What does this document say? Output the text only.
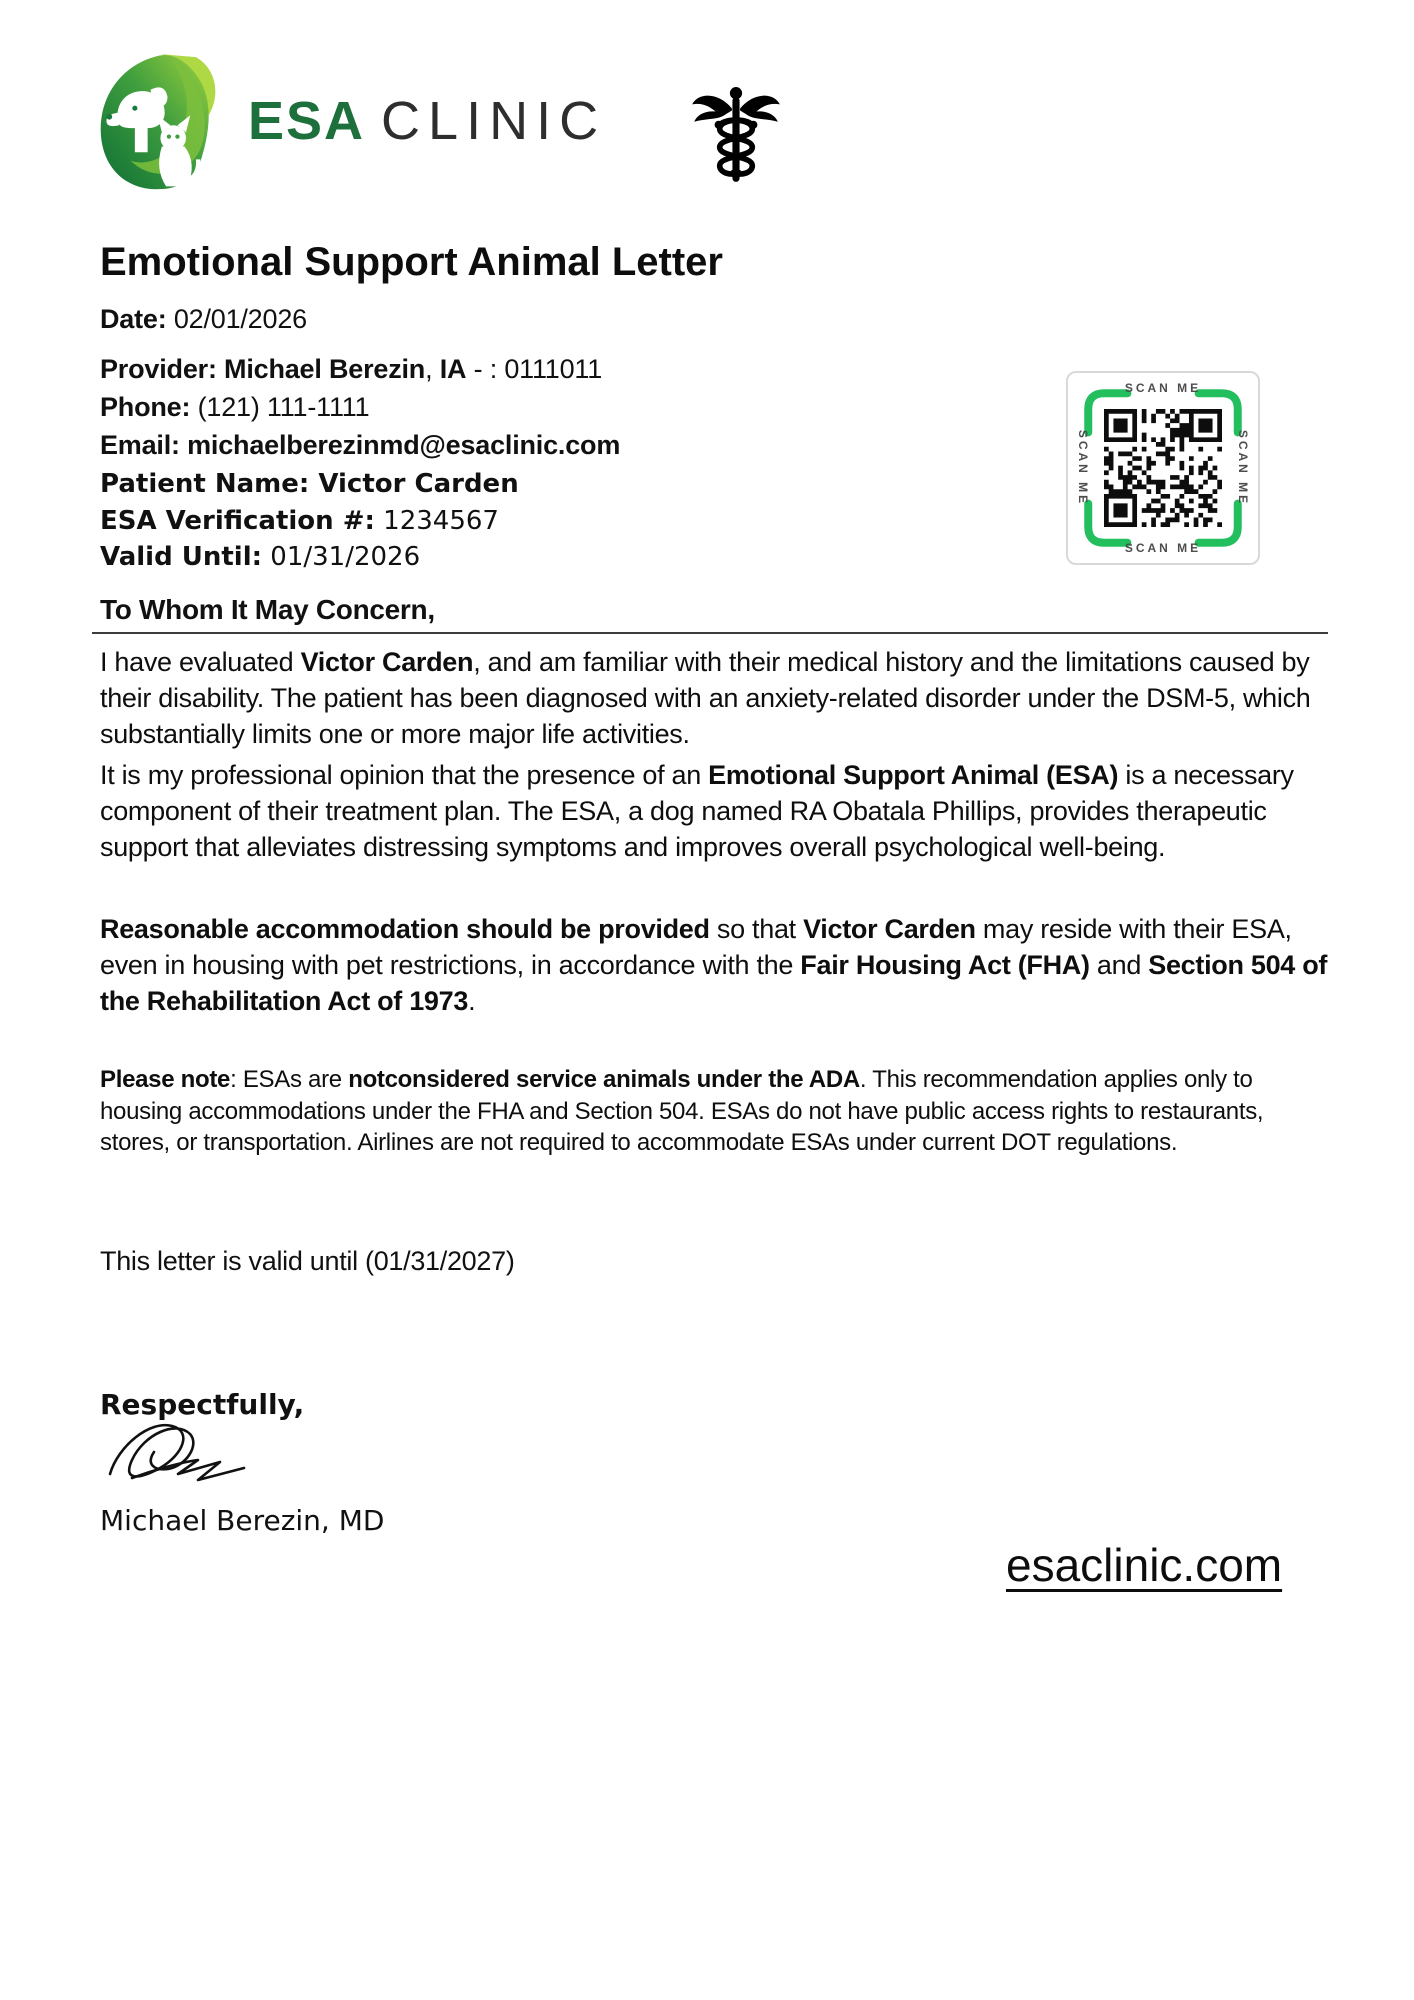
ESA CLINIC
Emotional Support Animal Letter
Date: 02/01/2026
Provider: Michael Berezin, IA - : 0111011
Phone: (121) 111-1111
Email: michaelberezinmd@esaclinic.com
Patient Name: Victor Carden
ESA Verification #: 1234567
Valid Until: 01/31/2026
SCAN ME
SCAN ME
SCAN ME	SCAN ME
To Whom It May Concern,
I have evaluated Victor Carden, and am familiar with their medical history and the limitations caused by their disability. The patient has been diagnosed with an anxiety-related disorder under the DSM-5, which substantially limits one or more major life activities.
It is my professional opinion that the presence of an Emotional Support Animal (ESA) is a necessary component of their treatment plan. The ESA, a dog named RA Obatala Phillips, provides therapeutic support that alleviates distressing symptoms and improves overall psychological well-being.
Reasonable accommodation should be provided so that Victor Carden may reside with their ESA, even in housing with pet restrictions, in accordance with the Fair Housing Act (FHA) and Section 504 of the Rehabilitation Act of 1973.
Please note: ESAs are notconsidered service animals under the ADA. This recommendation applies only to housing accommodations under the FHA and Section 504. ESAs do not have public access rights to restaurants, stores, or transportation. Airlines are not required to accommodate ESAs under current DOT regulations.
This letter is valid until (01/31/2027)
Respectfully,
Michael Berezin, MD
esaclinic.com
